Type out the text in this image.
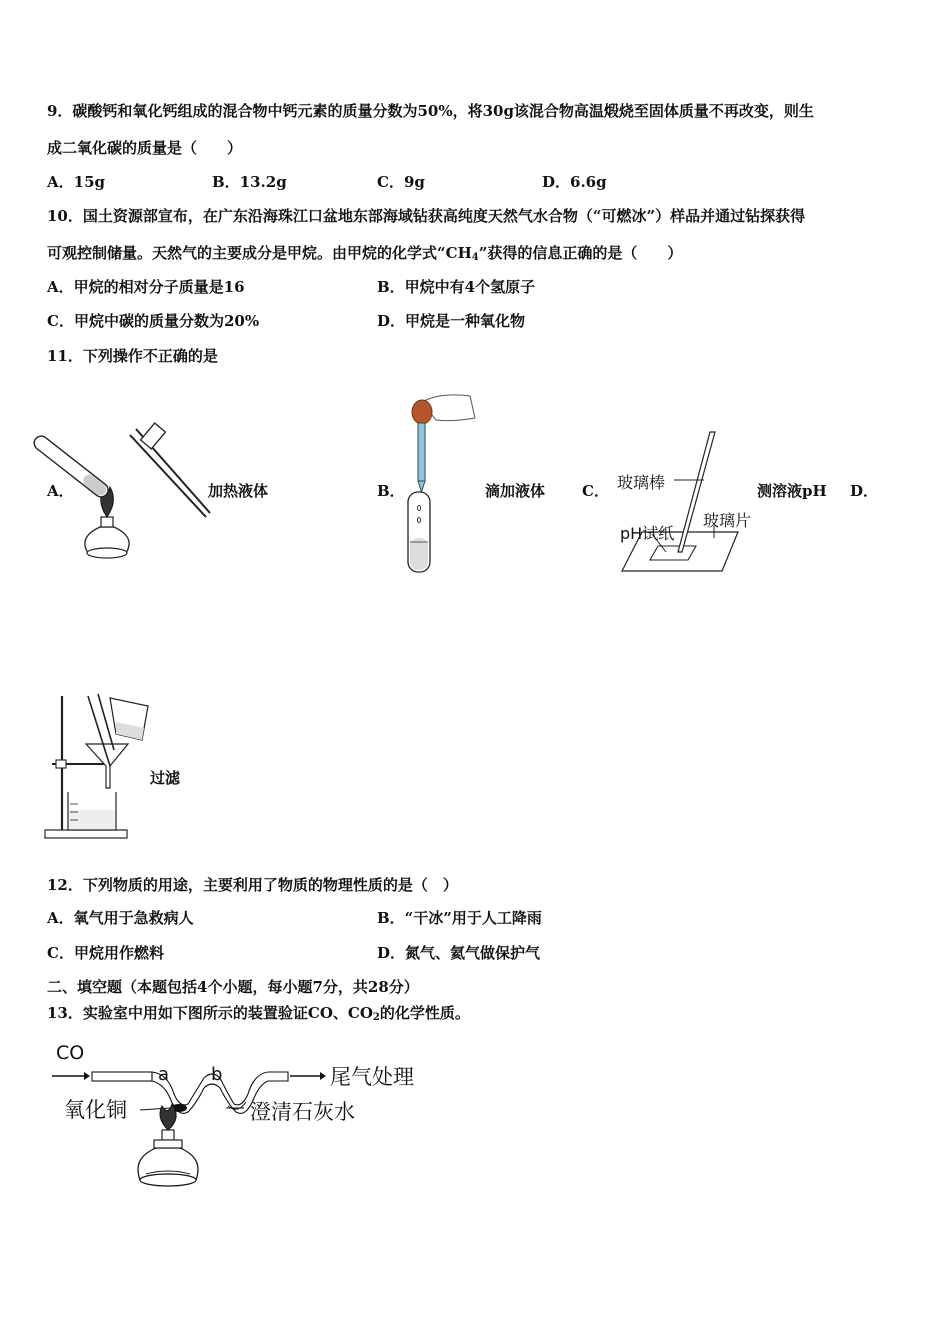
9．碳酸钙和氧化钙组成的混合物中钙元素的质量分数为50%，将30g该混合物高温煅烧至固体质量不再改变，则生
成二氧化碳的质量是（　　）
A．15g	B．13.2g	C．9g	D．6.6g
10．国土资源部宣布，在广东沿海珠江口盆地东部海域钻获高纯度天然气水合物（“可燃冰”）样品并通过钻探获得
可观控制储量。天然气的主要成分是甲烷。由甲烷的化学式“$CH_4$”获得的信息正确的是（　　）
A．甲烷的相对分子质量是16	B．甲烷中有4个氢原子
C．甲烷中碳的质量分数为20%	D．甲烷是一种氧化物
11．下列操作不正确的是
A．	加热液体	B．	滴加液体 C． 玻璃棒
pH试纸
玻璃片
测溶液pH D．
过滤
12．下列物质的用途，主要利用了物质的物理性质的是（　）
A．氧气用于急救病人	B．“干冰”用于人工降雨
C．甲烷用作燃料	D．氮气、氦气做保护气
二、填空题（本题包括4个小题，每小题7分，共28分）
13．实验室中用如下图所示的装置验证CO、$CO_2$的化学性质。
CO
a b	尾气处理
氧化铜	澄清石灰水
